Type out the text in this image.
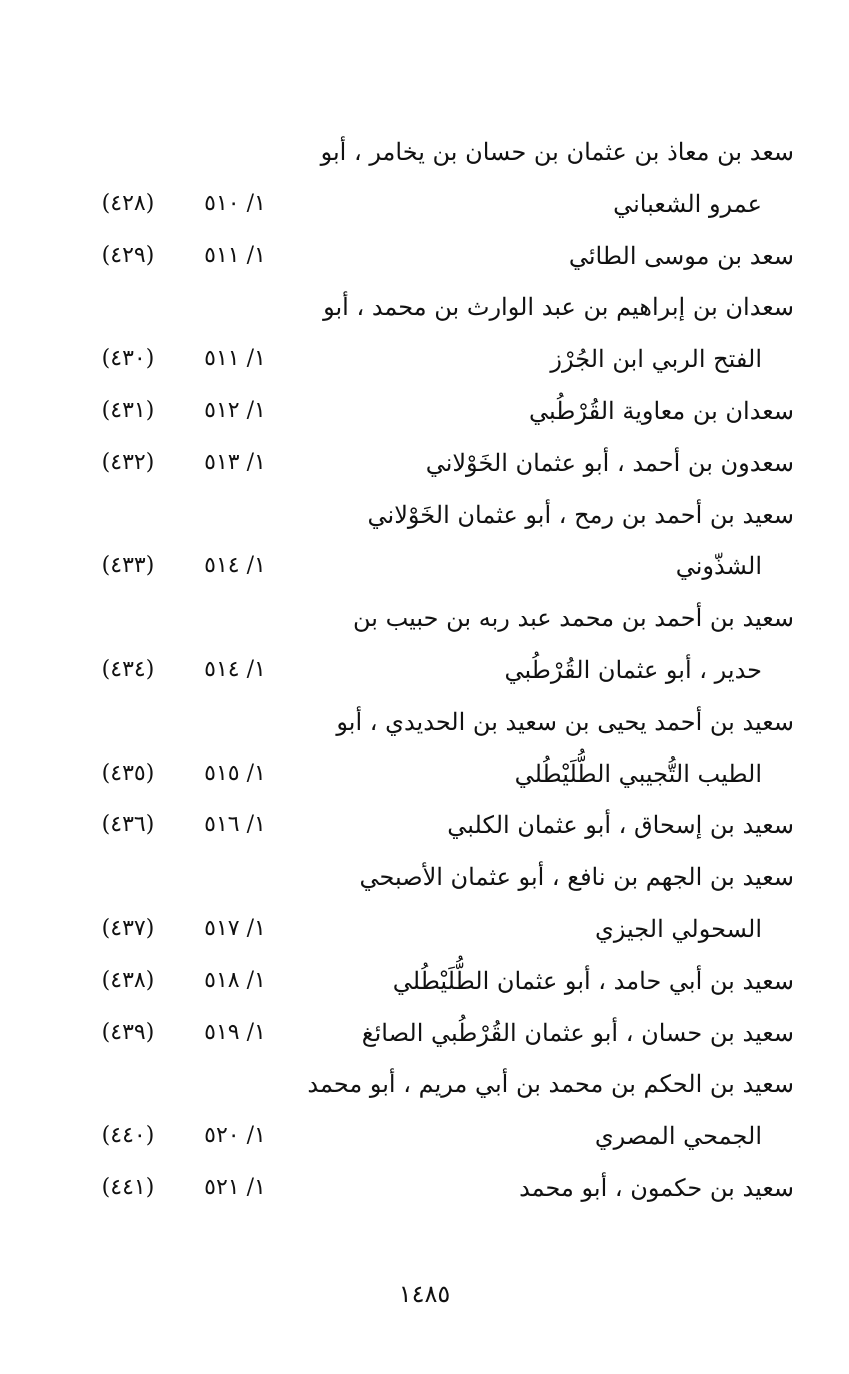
سعد بن معاذ بن عثمان بن حسان بن يخامر ، أبو
عمرو الشعباني
١/ ٥١٠
(٤٢٨)
سعد بن موسى الطائي
١/ ٥١١
(٤٢٩)
سعدان بن إبراهيم بن عبد الوارث بن محمد ، أبو
الفتح الربي ابن الجُرْز
١/ ٥١١
(٤٣٠)
سعدان بن معاوية القُرْطُبي
١/ ٥١٢
(٤٣١)
سعدون بن أحمد ، أبو عثمان الخَوْلاني
١/ ٥١٣
(٤٣٢)
سعيد بن أحمد بن رمح ، أبو عثمان الخَوْلاني
الشذّوني
١/ ٥١٤
(٤٣٣)
سعيد بن أحمد بن محمد عبد ربه بن حبيب بن
حدير ، أبو عثمان القُرْطُبي
١/ ٥١٤
(٤٣٤)
سعيد بن أحمد يحيى بن سعيد بن الحديدي ، أبو
الطيب التُّجيبي الطُّلَيْطُلي
١/ ٥١٥
(٤٣٥)
سعيد بن إسحاق ، أبو عثمان الكلبي
١/ ٥١٦
(٤٣٦)
سعيد بن الجهم بن نافع ، أبو عثمان الأصبحي
السحولي الجيزي
١/ ٥١٧
(٤٣٧)
سعيد بن أبي حامد ، أبو عثمان الطُّلَيْطُلي
١/ ٥١٨
(٤٣٨)
سعيد بن حسان ، أبو عثمان القُرْطُبي الصائغ
١/ ٥١٩
(٤٣٩)
سعيد بن الحكم بن محمد بن أبي مريم ، أبو محمد
الجمحي المصري
١/ ٥٢٠
(٤٤٠)
سعيد بن حكمون ، أبو محمد
١/ ٥٢١
(٤٤١)
١٤٨٥
